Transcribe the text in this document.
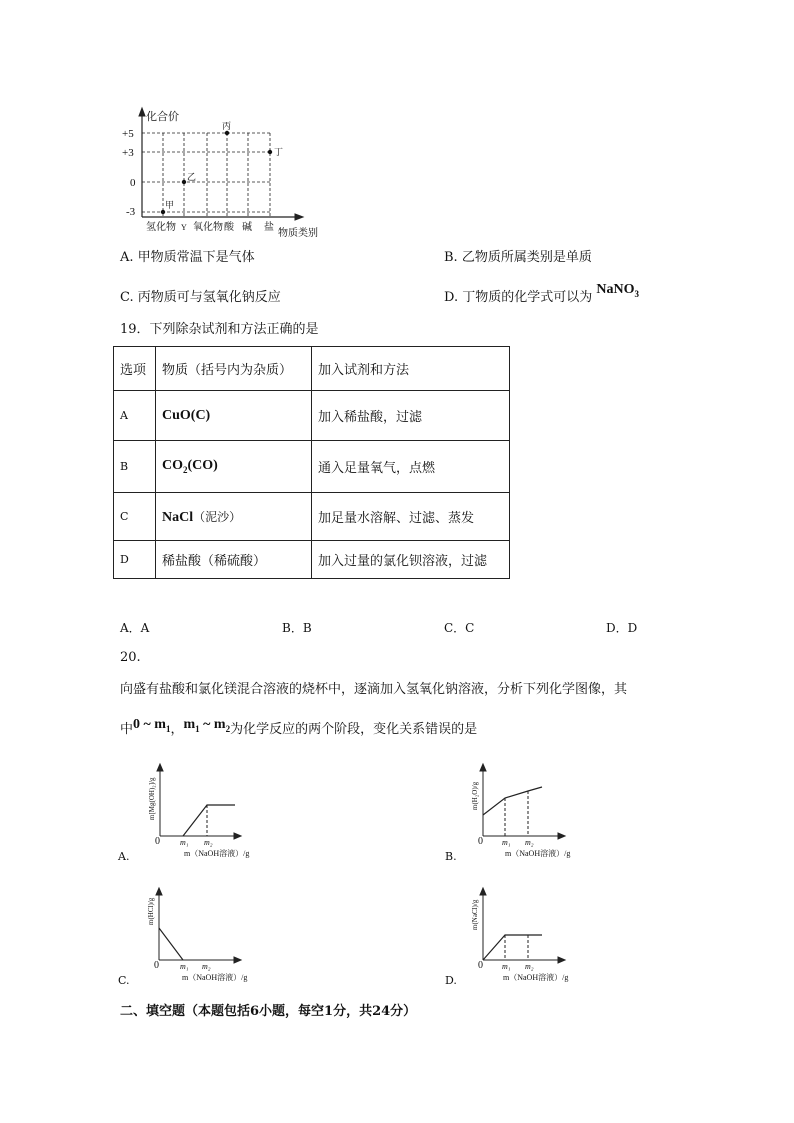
化合价
+5
+3
0
-3
甲
乙
丙
丁
氢化物 Y 氧化物 酸 碱 盐
物质类别
0	m₁ m₂
m（NaOH溶液）/g
m[Mg(OH)₂]/g
0 m₁ m₂
m（NaOH溶液）/g
m(H₂O)/g
0	m₁ m₂
m（NaOH溶液）/g
m(HCl)/g
0 m₁ m₂
m（NaOH溶液）/g
m(NaCl)/g
A. 甲物质常温下是气体	B. 乙物质所属类别是单质
C. 丙物质可与氢氧化钠反应	D. 丁物质的化学式可以为 NaNO$_3$
19．下列除杂试剂和方法正确的是
选项	物质（括号内为杂质）	加入试剂和方法
A	CuO(C)	加入稀盐酸，过滤
B	$CO_2(CO)$	通入足量氧气，点燃
C	NaCl（泥沙）	加足量水溶解、过滤、蒸发
D	稀盐酸（稀硫酸）	加入过量的氯化钡溶液，过滤
A．A	B．B	C．C	D．D
20.
向盛有盐酸和氯化镁混合溶液的烧杯中，逐滴加入氢氧化钠溶液，分析下列化学图像，其
中0 ~ $m_1$，$m_1$ ~ $m_2$为化学反应的两个阶段，变化关系错误的是
A.	B.
C.	D.
二、填空题（本题包括6小题，每空1分，共24分）
